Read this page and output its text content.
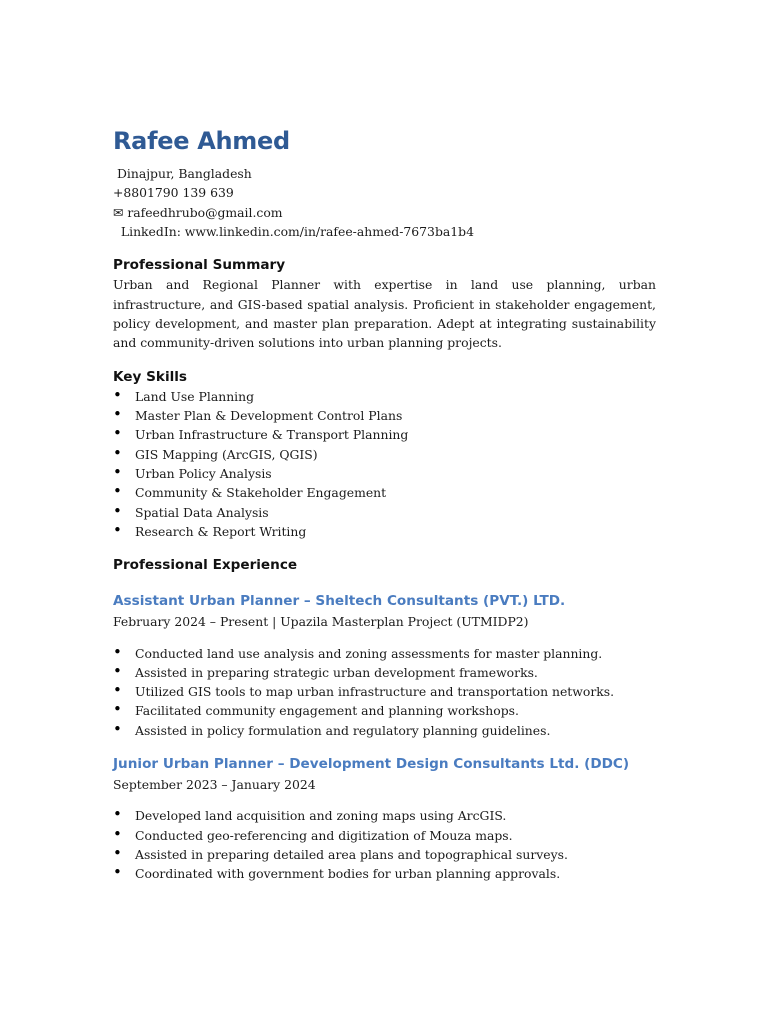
Rafee Ahmed
Dinajpur, Bangladesh
+8801790 139 639
✉ rafeedhrubo@gmail.com
LinkedIn: www.linkedin.com/in/rafee-ahmed-7673ba1b4
Professional Summary

Urban and Regional Planner with expertise in land use planning, urban infrastructure, and GIS-based spatial analysis. Proficient in stakeholder engagement, policy development, and master plan preparation. Adept at integrating sustainability and community-driven solutions into urban planning projects.

Key Skills
• Land Use Planning
• Master Plan & Development Control Plans
• Urban Infrastructure & Transport Planning
• GIS Mapping (ArcGIS, QGIS)
• Urban Policy Analysis
• Community & Stakeholder Engagement
• Spatial Data Analysis
• Research & Report Writing
Professional Experience
Assistant Urban Planner – Sheltech Consultants (PVT.) LTD.

February 2024 – Present | Upazila Masterplan Project (UTMIDP2)

• Conducted land use analysis and zoning assessments for master planning.
• Assisted in preparing strategic urban development frameworks.
• Utilized GIS tools to map urban infrastructure and transportation networks.
• Facilitated community engagement and planning workshops.
• Assisted in policy formulation and regulatory planning guidelines.
Junior Urban Planner – Development Design Consultants Ltd. (DDC)

September 2023 – January 2024

• Developed land acquisition and zoning maps using ArcGIS.
• Conducted geo-referencing and digitization of Mouza maps.
• Assisted in preparing detailed area plans and topographical surveys.
• Coordinated with government bodies for urban planning approvals.
